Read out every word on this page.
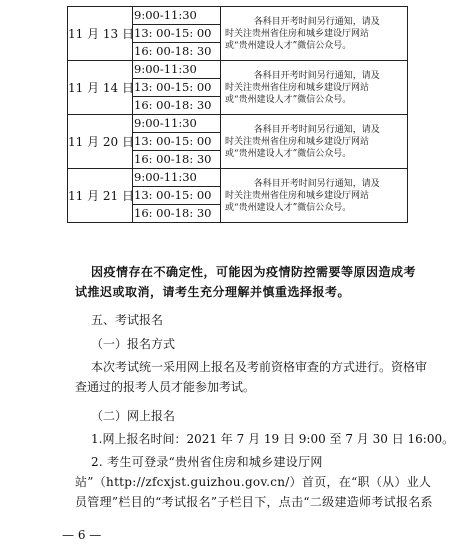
11 月 13 日	9:00-11:30	各科目开考时间另行通知，请及
时关注贵州省住房和城乡建设厅网站
或“贵州建设人才”微信公众号。
	13: 00-15: 00	
	16: 00-18: 30	
11 月 14 日	9:00-11:30	各科目开考时间另行通知，请及
时关注贵州省住房和城乡建设厅网站
或“贵州建设人才”微信公众号。
	13: 00-15: 00	
	16: 00-18: 30	
11 月 20 日	9:00-11:30	各科目开考时间另行通知，请及
时关注贵州省住房和城乡建设厅网站
或“贵州建设人才”微信公众号。
	13: 00-15: 00	
	16: 00-18: 30	
11 月 21 日	9:00-11:30	各科目开考时间另行通知，请及
时关注贵州省住房和城乡建设厅网站
或“贵州建设人才”微信公众号。
	13: 00-15: 00	
	16: 00-18: 30	

因疫情存在不确定性，可能因为疫情防控需要等原因造成考
试推迟或取消，请考生充分理解并慎重选择报考。

五、考试报名
（一）报名方式

本次考试统一采用网上报名及考前资格审查的方式进行。资格审查通过的报考人员才能参加考试。

（二）网上报名
1.网上报名时间：2021 年 7 月 19 日 9:00 至 7 月 30 日 16:00。

2. 考生可登录“贵州省住房和城乡建设厅网站”（http://zfcxjst.guizhou.gov.cn/）首页，在“职（从）业人员管理”栏目的“考试报名”子栏目下，点击“二级建造师考试报名系

— 6 —
